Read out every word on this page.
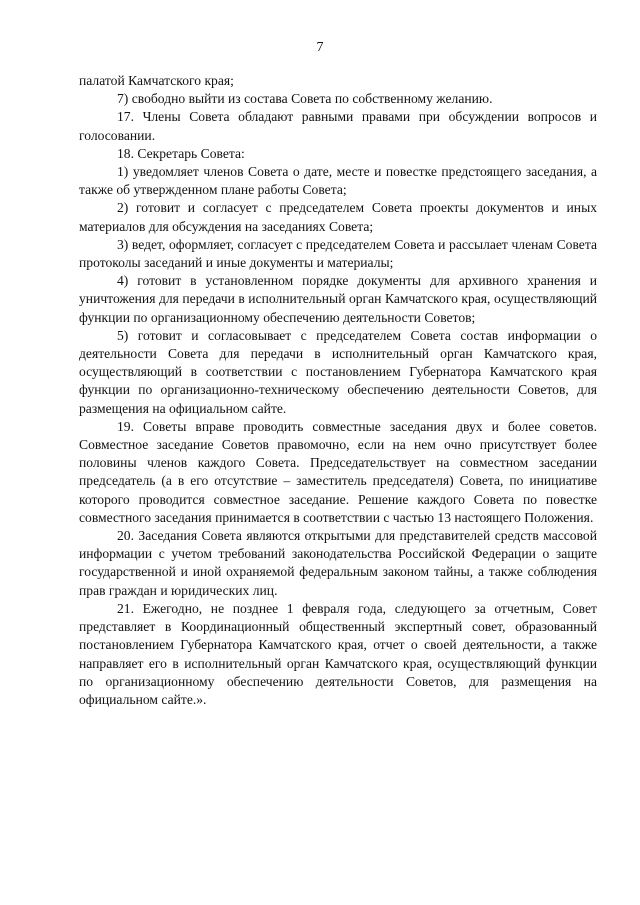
7

палатой Камчатского края;

7) свободно выйти из состава Совета по собственному желанию.

17. Члены Совета обладают равными правами при обсуждении вопросов и голосовании.

18. Секретарь Совета:

1) уведомляет членов Совета о дате, месте и повестке предстоящего заседания, а также об утвержденном плане работы Совета;

2) готовит и согласует с председателем Совета проекты документов и иных материалов для обсуждения на заседаниях Совета;

3) ведет, оформляет, согласует с председателем Совета и рассылает членам Совета протоколы заседаний и иные документы и материалы;

4) готовит в установленном порядке документы для архивного хранения и уничтожения для передачи в исполнительный орган Камчатского края, осуществляющий функции по организационному обеспечению деятельности Советов;

5) готовит и согласовывает с председателем Совета состав информации о деятельности Совета для передачи в исполнительный орган Камчатского края, осуществляющий в соответствии с постановлением Губернатора Камчатского края функции по организационно-техническому обеспечению деятельности Советов, для размещения на официальном сайте.

19. Советы вправе проводить совместные заседания двух и более советов. Совместное заседание Советов правомочно, если на нем очно присутствует более половины членов каждого Совета. Председательствует на совместном заседании председатель (а в его отсутствие – заместитель председателя) Совета, по инициативе которого проводится совместное заседание. Решение каждого Совета по повестке совместного заседания принимается в соответствии с частью 13 настоящего Положения.

20. Заседания Совета являются открытыми для представителей средств массовой информации с учетом требований законодательства Российской Федерации о защите государственной и иной охраняемой федеральным законом тайны, а также соблюдения прав граждан и юридических лиц.

21. Ежегодно, не позднее 1 февраля года, следующего за отчетным, Совет представляет в Координационный общественный экспертный совет, образованный постановлением Губернатора Камчатского края, отчет о своей деятельности, а также направляет его в исполнительный орган Камчатского края, осуществляющий функции по организационному обеспечению деятельности Советов, для размещения на официальном сайте.».
